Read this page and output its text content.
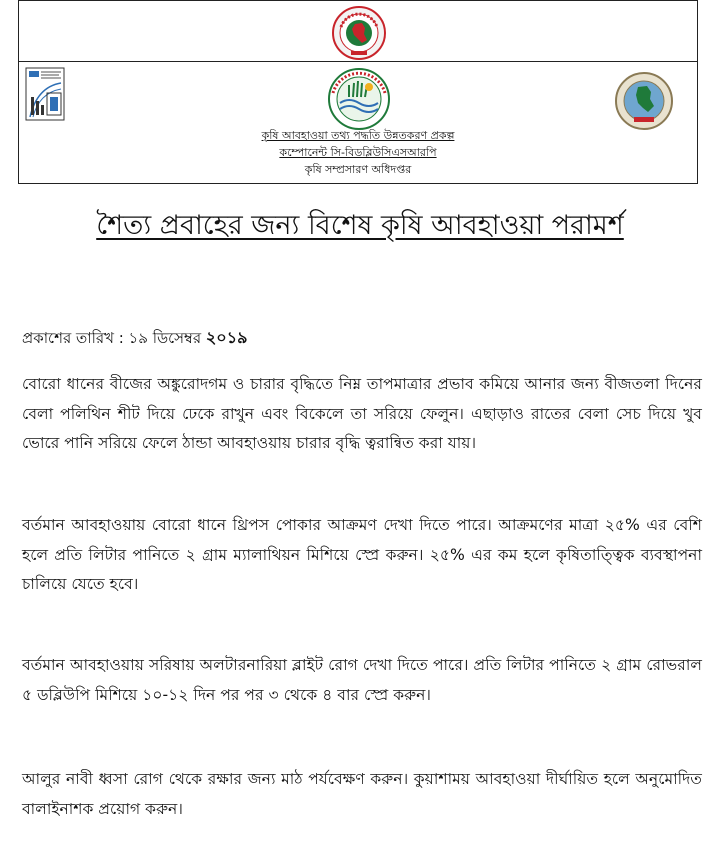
কৃষি আবহাওয়া তথ্য পদ্ধতি উন্নতকরণ প্রকল্প
কম্পোনেন্ট সি-বিডব্লিউসিএসআরপি
কৃষি সম্প্রসারণ অধিদপ্তর
শৈত্য প্রবাহের জন্য বিশেষ কৃষি আবহাওয়া পরামর্শ
প্রকাশের তারিখ : ১৯ ডিসেম্বর ২০১৯
বোরো ধানের বীজের অঙ্কুরোদগম ও চারার বৃদ্ধিতে নিম্ন তাপমাত্রার প্রভাব কমিয়ে আনার জন্য বীজতলা দিনের বেলা পলিথিন শীট দিয়ে ঢেকে রাখুন এবং বিকেলে তা সরিয়ে ফেলুন। এছাড়াও রাতের বেলা সেচ দিয়ে খুব ভোরে পানি সরিয়ে ফেলে ঠান্ডা আবহাওয়ায় চারার বৃদ্ধি ত্বরান্বিত করা যায়।
বর্তমান আবহাওয়ায় বোরো ধানে থ্রিপস পোকার আক্রমণ দেখা দিতে পারে। আক্রমণের মাত্রা ২৫% এর বেশি হলে প্রতি লিটার পানিতে ২ গ্রাম ম্যালাথিয়ন মিশিয়ে স্প্রে করুন। ২৫% এর কম হলে কৃষিতাত্ত্বিক ব্যবস্থাপনা চালিয়ে যেতে হবে।
বর্তমান আবহাওয়ায় সরিষায় অলটারনারিয়া ব্লাইট রোগ দেখা দিতে পারে। প্রতি লিটার পানিতে ২ গ্রাম রোভরাল ৫ ডব্লিউপি মিশিয়ে ১০-১২ দিন পর পর ৩ থেকে ৪ বার স্প্রে করুন।
আলুর নাবী ধ্বসা রোগ থেকে রক্ষার জন্য মাঠ পর্যবেক্ষণ করুন। কুয়াশাময় আবহাওয়া দীর্ঘায়িত হলে অনুমোদিত বালাইনাশক প্রয়োগ করুন।
